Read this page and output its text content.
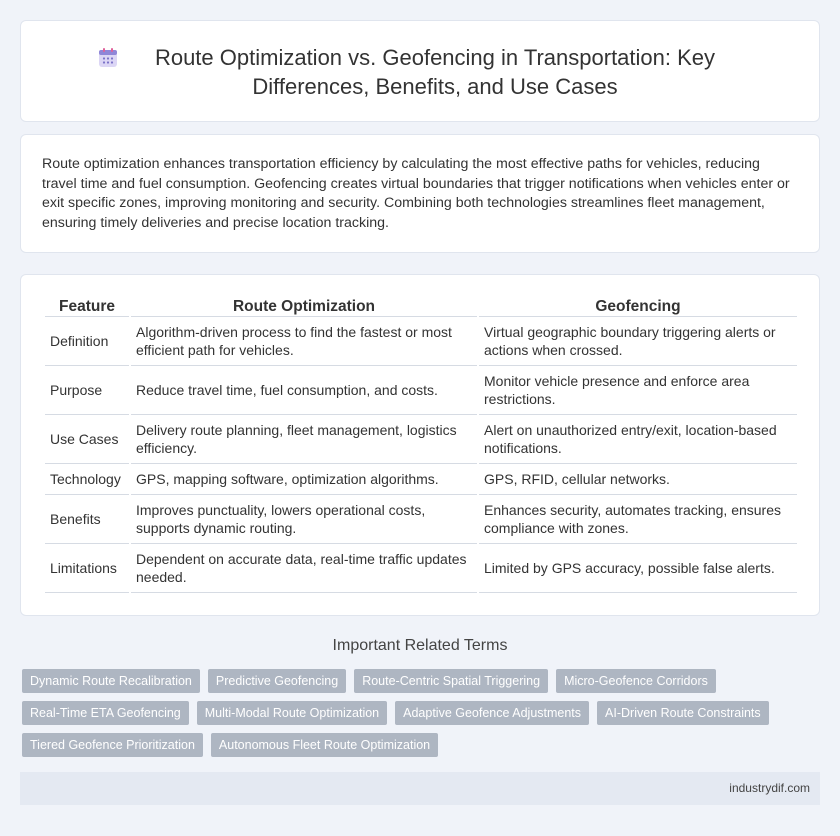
Route Optimization vs. Geofencing in Transportation: Key Differences, Benefits, and Use Cases

Route optimization enhances transportation efficiency by calculating the most effective paths for vehicles, reducing travel time and fuel consumption. Geofencing creates virtual boundaries that trigger notifications when vehicles enter or exit specific zones, improving monitoring and security. Combining both technologies streamlines fleet management, ensuring timely deliveries and precise location tracking.

Feature	Route Optimization	Geofencing
Definition	Algorithm-driven process to find the fastest or most efficient path for vehicles.	Virtual geographic boundary triggering alerts or actions when crossed.
Purpose	Reduce travel time, fuel consumption, and costs.	Monitor vehicle presence and enforce area restrictions.
Use Cases	Delivery route planning, fleet management, logistics efficiency.	Alert on unauthorized entry/exit, location-based notifications.
Technology	GPS, mapping software, optimization algorithms.	GPS, RFID, cellular networks.
Benefits	Improves punctuality, lowers operational costs, supports dynamic routing.	Enhances security, automates tracking, ensures compliance with zones.
Limitations	Dependent on accurate data, real-time traffic updates needed.	Limited by GPS accuracy, possible false alerts.
Important Related Terms
Dynamic Route Recalibration	Predictive Geofencing	Route-Centric Spatial Triggering	Micro-Geofence Corridors
Real-Time ETA Geofencing	Multi-Modal Route Optimization	Adaptive Geofence Adjustments	AI-Driven Route Constraints
Tiered Geofence Prioritization	Autonomous Fleet Route Optimization
industrydif.com
